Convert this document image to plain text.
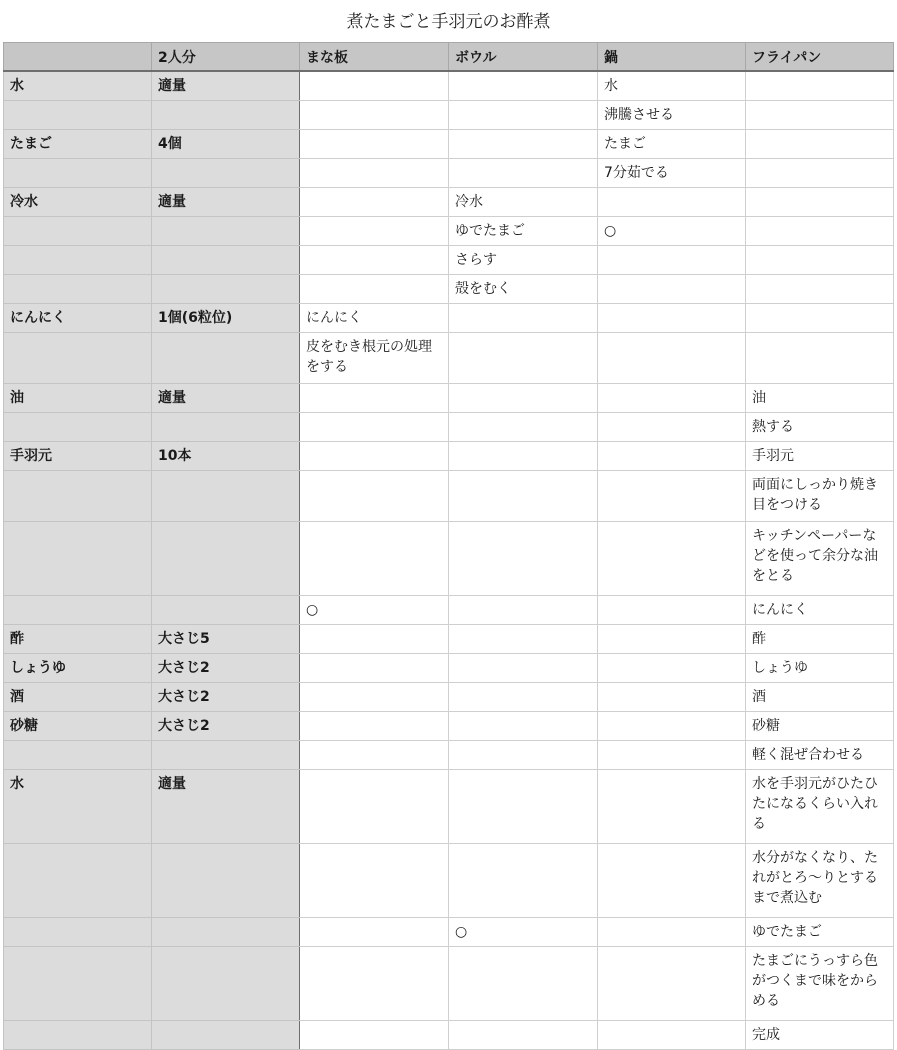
煮たまごと手羽元のお酢煮
	2人分	まな板	ボウル	鍋	フライパン
水	適量			水	
				沸騰させる	
たまご	4個			たまご	
				7分茹でる	
冷水	適量		冷水		
			ゆでたまご	○	
			さらす		
			殻をむく		
にんにく	1個(6粒位)	にんにく			
		皮をむき根元の処理をする			
油	適量				油
					熱する
手羽元	10本				手羽元
					両面にしっかり焼き目をつける
					キッチンペーパーなどを使って余分な油をとる
		○			にんにく
酢	大さじ5				酢
しょうゆ	大さじ2				しょうゆ
酒	大さじ2				酒
砂糖	大さじ2				砂糖
					軽く混ぜ合わせる
水	適量				水を手羽元がひたひたになるくらい入れる
					水分がなくなり、たれがとろ〜りとするまで煮込む
			○		ゆでたまご
					たまごにうっすら色がつくまで味をからめる
					完成
